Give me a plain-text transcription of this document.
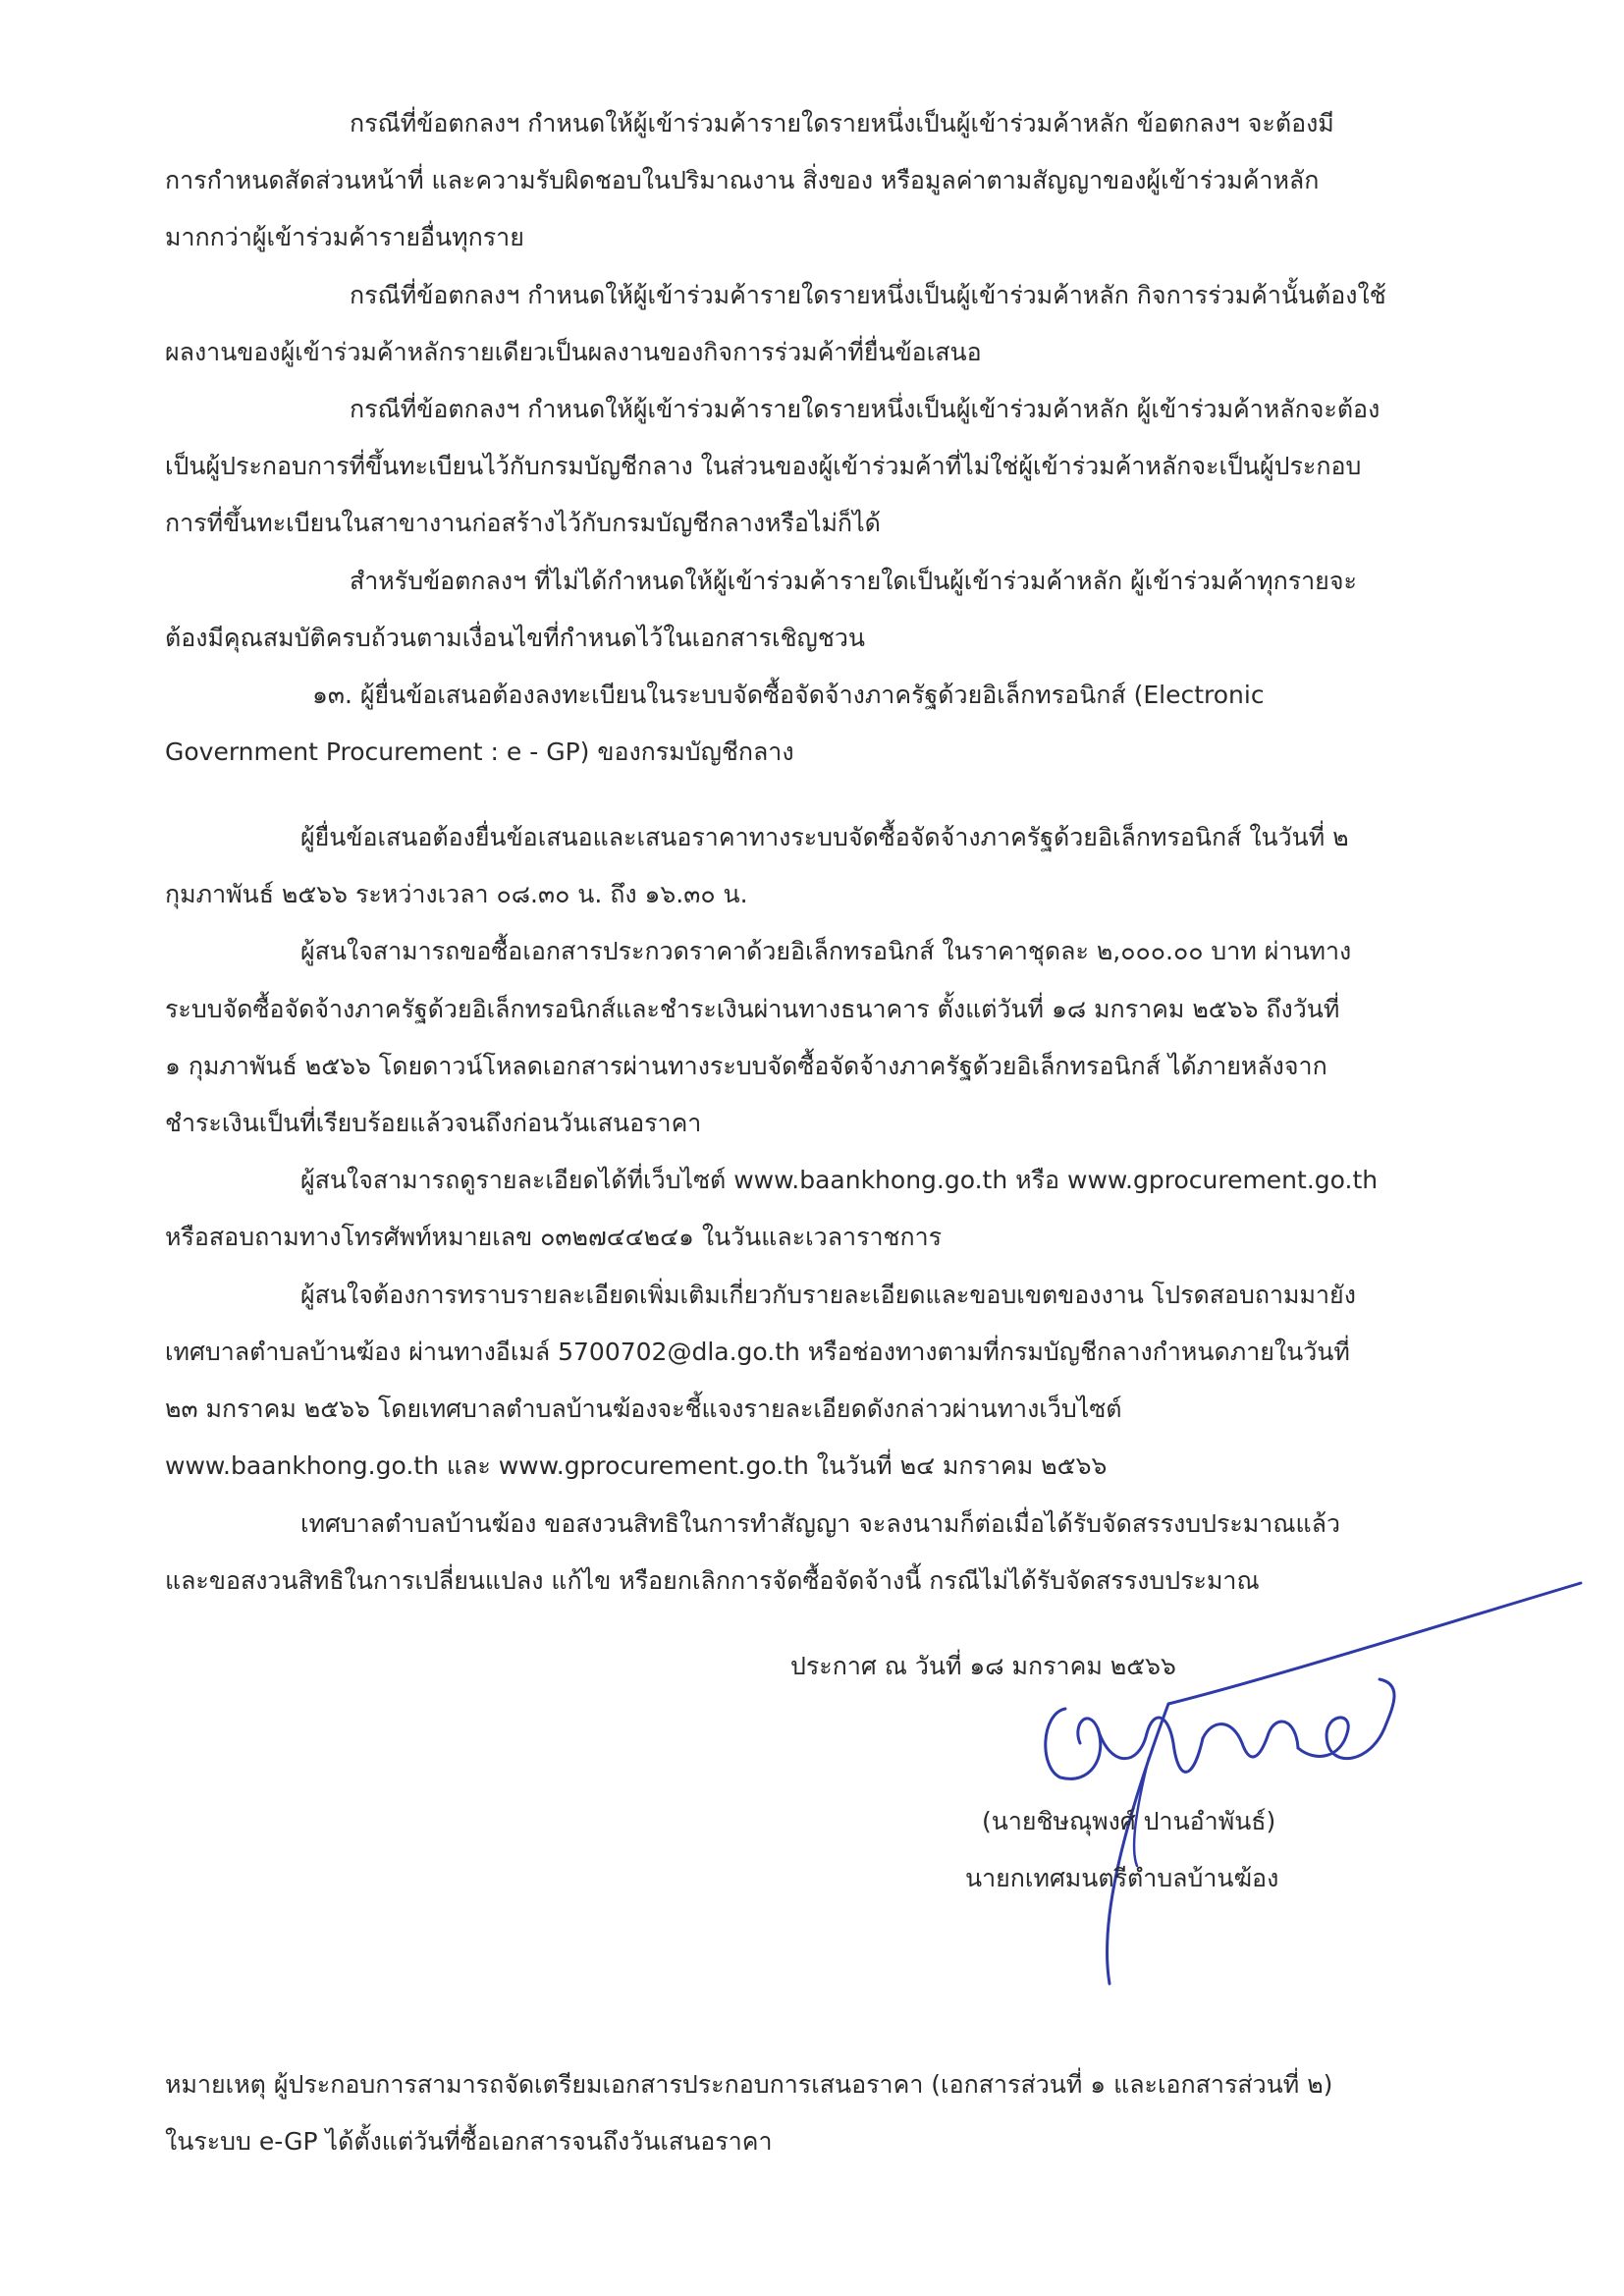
กรณีที่ข้อตกลงฯ กำหนดให้ผู้เข้าร่วมค้ารายใดรายหนึ่งเป็นผู้เข้าร่วมค้าหลัก ข้อตกลงฯ จะต้องมี

การกำหนดสัดส่วนหน้าที่ และความรับผิดชอบในปริมาณงาน สิ่งของ หรือมูลค่าตามสัญญาของผู้เข้าร่วมค้าหลัก

มากกว่าผู้เข้าร่วมค้ารายอื่นทุกราย

กรณีที่ข้อตกลงฯ กำหนดให้ผู้เข้าร่วมค้ารายใดรายหนึ่งเป็นผู้เข้าร่วมค้าหลัก กิจการร่วมค้านั้นต้องใช้

ผลงานของผู้เข้าร่วมค้าหลักรายเดียวเป็นผลงานของกิจการร่วมค้าที่ยื่นข้อเสนอ

กรณีที่ข้อตกลงฯ กำหนดให้ผู้เข้าร่วมค้ารายใดรายหนึ่งเป็นผู้เข้าร่วมค้าหลัก ผู้เข้าร่วมค้าหลักจะต้อง

เป็นผู้ประกอบการที่ขึ้นทะเบียนไว้กับกรมบัญชีกลาง ในส่วนของผู้เข้าร่วมค้าที่ไม่ใช่ผู้เข้าร่วมค้าหลักจะเป็นผู้ประกอบ

การที่ขึ้นทะเบียนในสาขางานก่อสร้างไว้กับกรมบัญชีกลางหรือไม่ก็ได้

สำหรับข้อตกลงฯ ที่ไม่ได้กำหนดให้ผู้เข้าร่วมค้ารายใดเป็นผู้เข้าร่วมค้าหลัก ผู้เข้าร่วมค้าทุกรายจะ

ต้องมีคุณสมบัติครบถ้วนตามเงื่อนไขที่กำหนดไว้ในเอกสารเชิญชวน

๑๓. ผู้ยื่นข้อเสนอต้องลงทะเบียนในระบบจัดซื้อจัดจ้างภาครัฐด้วยอิเล็กทรอนิกส์ (Electronic

Government Procurement : e - GP) ของกรมบัญชีกลาง

ผู้ยื่นข้อเสนอต้องยื่นข้อเสนอและเสนอราคาทางระบบจัดซื้อจัดจ้างภาครัฐด้วยอิเล็กทรอนิกส์ ในวันที่ ๒

กุมภาพันธ์ ๒๕๖๖ ระหว่างเวลา ๐๘.๓๐ น. ถึง ๑๖.๓๐ น.

ผู้สนใจสามารถขอซื้อเอกสารประกวดราคาด้วยอิเล็กทรอนิกส์ ในราคาชุดละ ๒,๐๐๐.๐๐ บาท ผ่านทาง

ระบบจัดซื้อจัดจ้างภาครัฐด้วยอิเล็กทรอนิกส์และชำระเงินผ่านทางธนาคาร ตั้งแต่วันที่ ๑๘ มกราคม ๒๕๖๖ ถึงวันที่

๑ กุมภาพันธ์ ๒๕๖๖ โดยดาวน์โหลดเอกสารผ่านทางระบบจัดซื้อจัดจ้างภาครัฐด้วยอิเล็กทรอนิกส์ ได้ภายหลังจาก

ชำระเงินเป็นที่เรียบร้อยแล้วจนถึงก่อนวันเสนอราคา

ผู้สนใจสามารถดูรายละเอียดได้ที่เว็บไซต์ www.baankhong.go.th หรือ www.gprocurement.go.th

หรือสอบถามทางโทรศัพท์หมายเลข ๐๓๒๗๔๔๒๔๑ ในวันและเวลาราชการ

ผู้สนใจต้องการทราบรายละเอียดเพิ่มเติมเกี่ยวกับรายละเอียดและขอบเขตของงาน โปรดสอบถามมายัง

เทศบาลตำบลบ้านฆ้อง ผ่านทางอีเมล์ 5700702@dla.go.th หรือช่องทางตามที่กรมบัญชีกลางกำหนดภายในวันที่

๒๓ มกราคม ๒๕๖๖ โดยเทศบาลตำบลบ้านฆ้องจะชี้แจงรายละเอียดดังกล่าวผ่านทางเว็บไซต์

www.baankhong.go.th และ www.gprocurement.go.th ในวันที่ ๒๔ มกราคม ๒๕๖๖

เทศบาลตำบลบ้านฆ้อง ขอสงวนสิทธิในการทำสัญญา จะลงนามก็ต่อเมื่อได้รับจัดสรรงบประมาณแล้ว

และขอสงวนสิทธิในการเปลี่ยนแปลง แก้ไข หรือยกเลิกการจัดซื้อจัดจ้างนี้ กรณีไม่ได้รับจัดสรรงบประมาณ

ประกาศ ณ วันที่ ๑๘ มกราคม ๒๕๖๖

(นายชิษณุพงศ์ ปานอำพันธ์)

นายกเทศมนตรีตำบลบ้านฆ้อง

หมายเหตุ ผู้ประกอบการสามารถจัดเตรียมเอกสารประกอบการเสนอราคา (เอกสารส่วนที่ ๑ และเอกสารส่วนที่ ๒)

ในระบบ e-GP ได้ตั้งแต่วันที่ซื้อเอกสารจนถึงวันเสนอราคา
